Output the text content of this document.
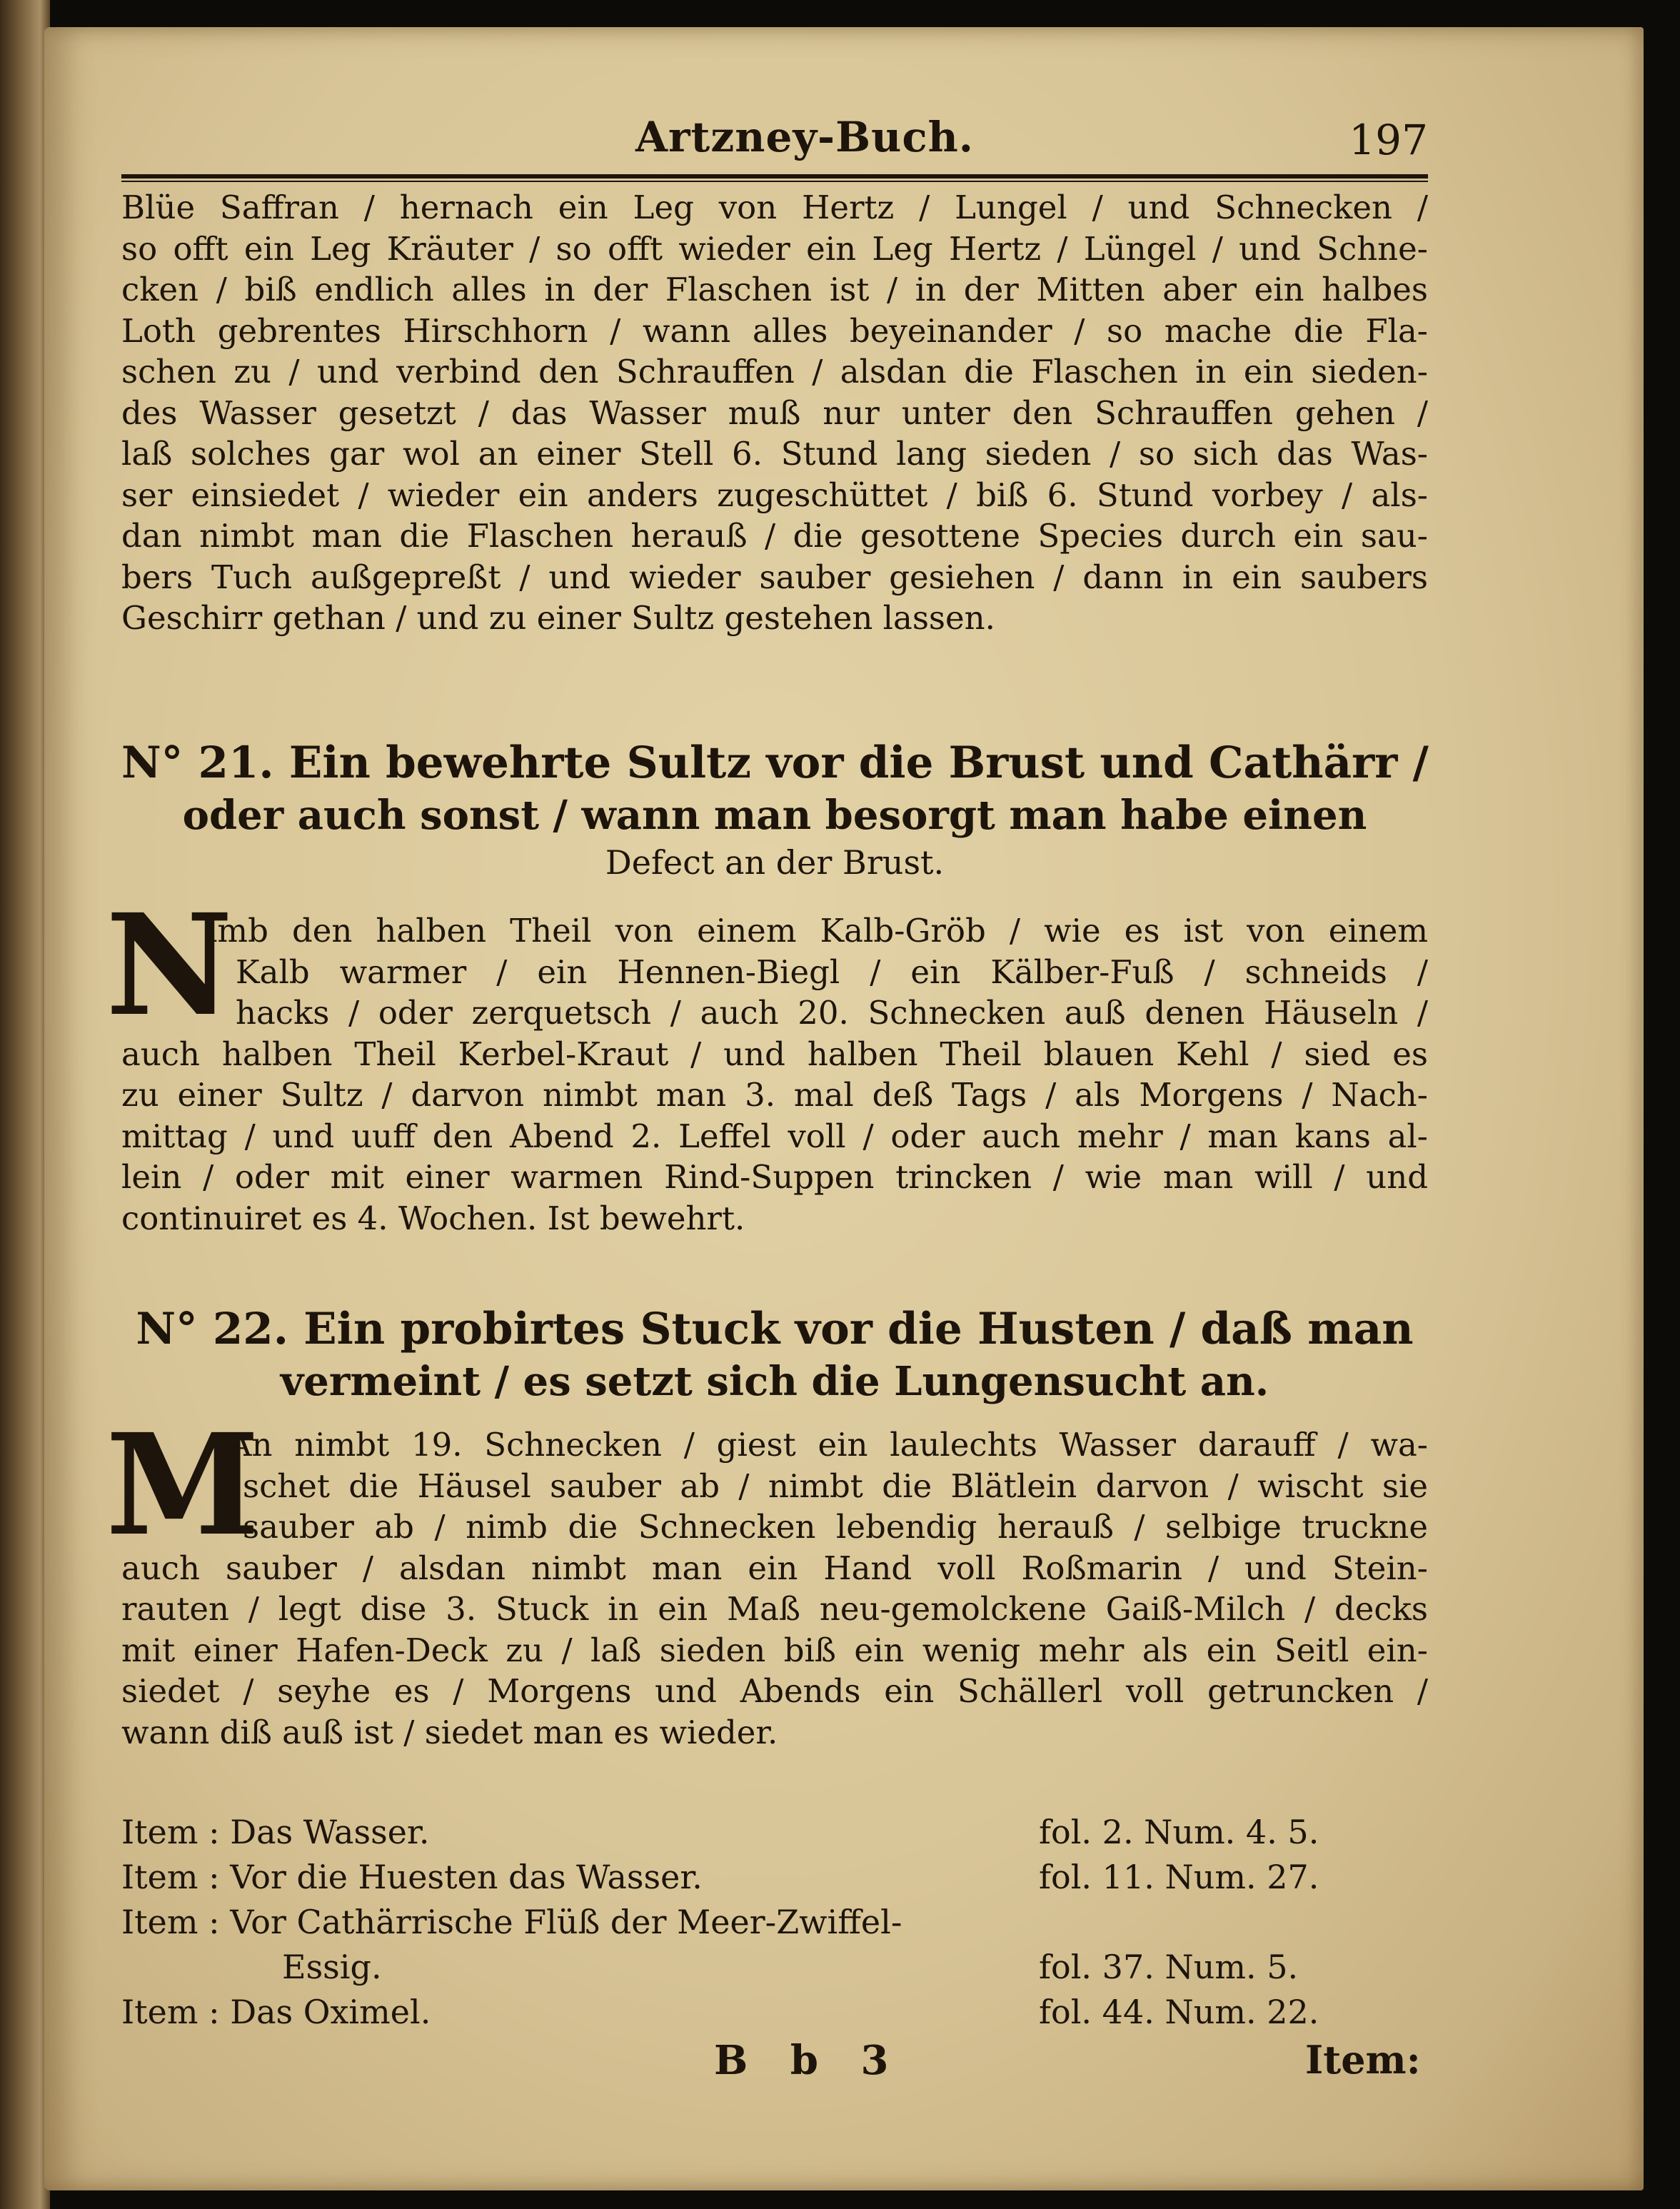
Artzney-Buch.	197
Blüe Saffran / hernach ein Leg von Hertz / Lungel / und Schnecken /
so offt ein Leg Kräuter / so offt wieder ein Leg Hertz / Lüngel / und Schne-
cken / biß endlich alles in der Flaschen ist / in der Mitten aber ein halbes
Loth gebrentes Hirschhorn / wann alles beyeinander / so mache die Fla-
schen zu / und verbind den Schrauffen / alsdan die Flaschen in ein sieden-
des Wasser gesetzt / das Wasser muß nur unter den Schrauffen gehen /
laß solches gar wol an einer Stell 6. Stund lang sieden / so sich das Was-
ser einsiedet / wieder ein anders zugeschüttet / biß 6. Stund vorbey / als-
dan nimbt man die Flaschen herauß / die gesottene Species durch ein sau-
bers Tuch außgepreßt / und wieder sauber gesiehen / dann in ein saubers
Geschirr gethan / und zu einer Sultz gestehen lassen.
N° 21. Ein bewehrte Sultz vor die Brust und Cathärr /
oder auch sonst / wann man besorgt man habe einen
Defect an der Brust.
N
imb den halben Theil von einem Kalb-Gröb / wie es ist von einem
Kalb warmer / ein Hennen-Biegl / ein Kälber-Fuß / schneids /
hacks / oder zerquetsch / auch 20. Schnecken auß denen Häuseln /
auch halben Theil Kerbel-Kraut / und halben Theil blauen Kehl / sied es
zu einer Sultz / darvon nimbt man 3. mal deß Tags / als Morgens / Nach-
mittag / und uuff den Abend 2. Leffel voll / oder auch mehr / man kans al-
lein / oder mit einer warmen Rind-Suppen trincken / wie man will / und
continuiret es 4. Wochen. Ist bewehrt.
N° 22. Ein probirtes Stuck vor die Husten / daß man
vermeint / es setzt sich die Lungensucht an.
M
An nimbt 19. Schnecken / giest ein laulechts Wasser darauff / wa-
schet die Häusel sauber ab / nimbt die Blätlein darvon / wischt sie
sauber ab / nimb die Schnecken lebendig herauß / selbige truckne
auch sauber / alsdan nimbt man ein Hand voll Roßmarin / und Stein-
rauten / legt dise 3. Stuck in ein Maß neu-gemolckene Gaiß-Milch / decks
mit einer Hafen-Deck zu / laß sieden biß ein wenig mehr als ein Seitl ein-
siedet / seyhe es / Morgens und Abends ein Schällerl voll getruncken /
wann diß auß ist / siedet man es wieder.
Item : Das Wasser.	fol. 2. Num. 4. 5.
Item : Vor die Huesten das Wasser.	fol. 11. Num. 27.
Item : Vor Cathärrische Flüß der Meer-Zwiffel-
Essig.	fol. 37. Num. 5.
Item : Das Oximel.	fol. 44. Num. 22.
B b 3	Item:
